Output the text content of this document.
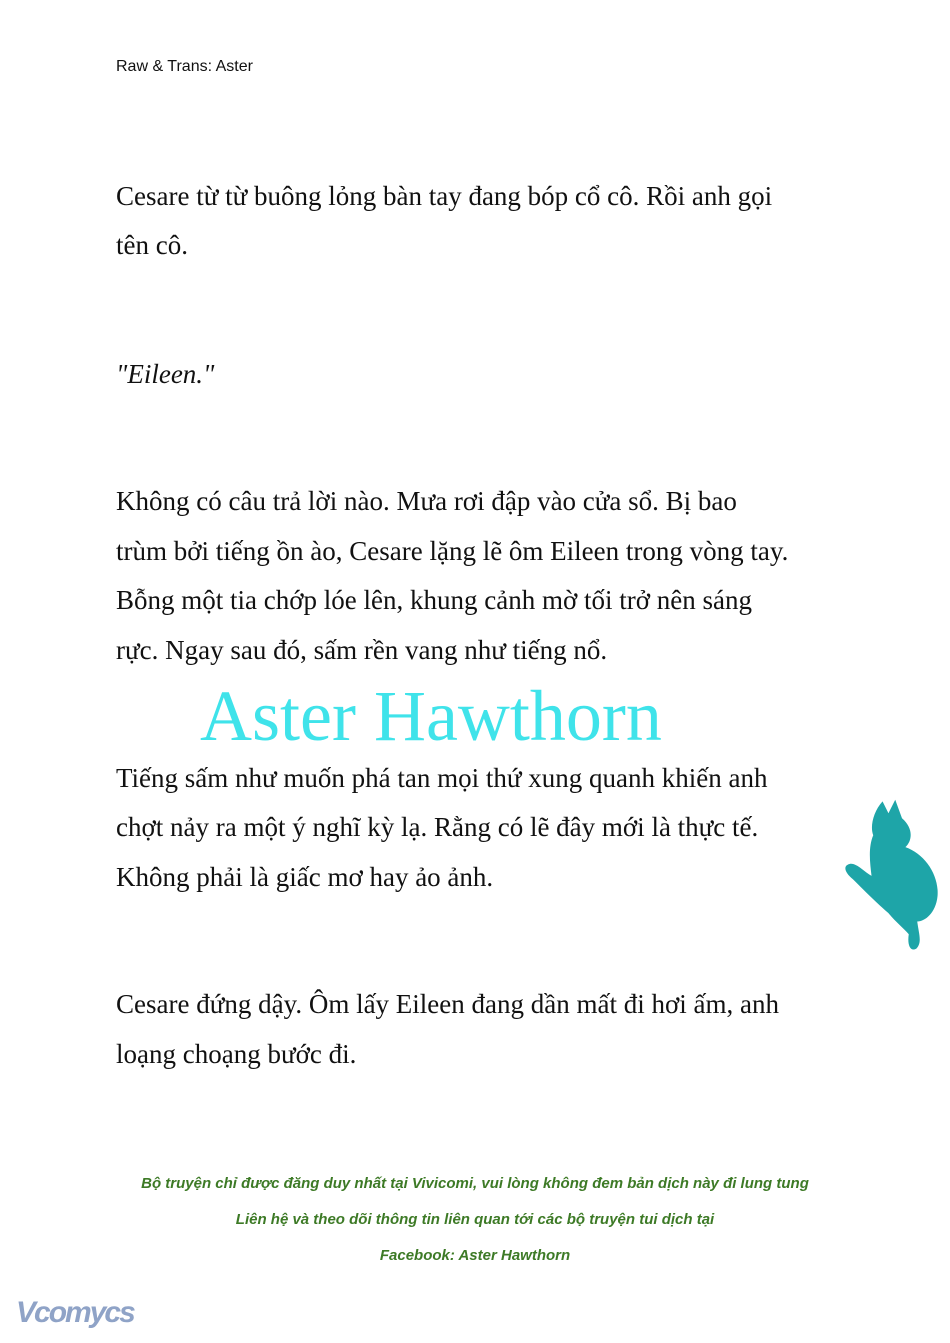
Raw & Trans: Aster
Cesare từ từ buông lỏng bàn tay đang bóp cổ cô. Rồi anh gọi
tên cô.
"Eileen."
Không có câu trả lời nào. Mưa rơi đập vào cửa sổ. Bị bao
trùm bởi tiếng ồn ào, Cesare lặng lẽ ôm Eileen trong vòng tay.
Bỗng một tia chớp lóe lên, khung cảnh mờ tối trở nên sáng
rực. Ngay sau đó, sấm rền vang như tiếng nổ.
Tiếng sấm như muốn phá tan mọi thứ xung quanh khiến anh
chợt nảy ra một ý nghĩ kỳ lạ. Rằng có lẽ đây mới là thực tế.
Không phải là giấc mơ hay ảo ảnh.
Cesare đứng dậy. Ôm lấy Eileen đang dần mất đi hơi ấm, anh
loạng choạng bước đi.
Aster Hawthorn
Bộ truyện chỉ được đăng duy nhất tại Vivicomi, vui lòng không đem bản dịch này đi lung tung
Liên hệ và theo dõi thông tin liên quan tới các bộ truyện tui dịch tại
Facebook: Aster Hawthorn
Vcomycs
